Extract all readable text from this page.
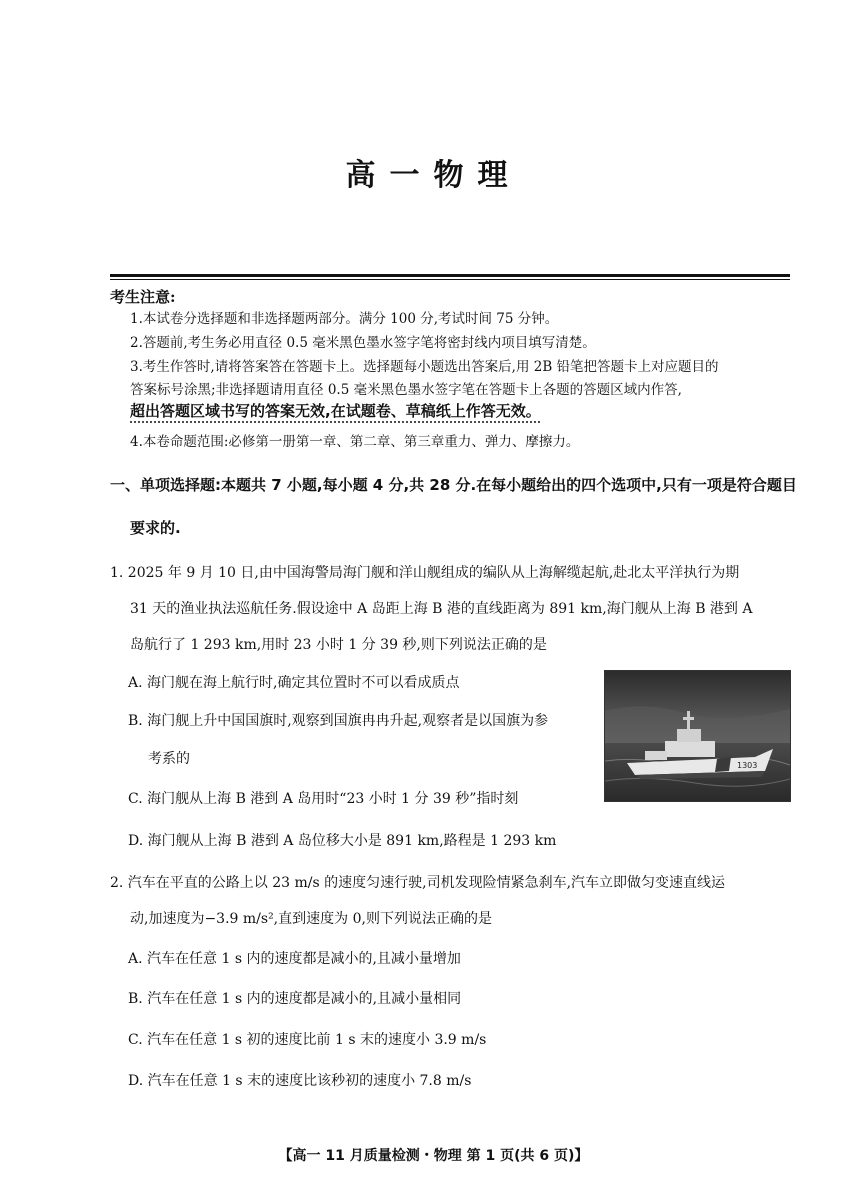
高一物理
考生注意:
1.本试卷分选择题和非选择题两部分。满分 100 分,考试时间 75 分钟。
2.答题前,考生务必用直径 0.5 毫米黑色墨水签字笔将密封线内项目填写清楚。
3.考生作答时,请将答案答在答题卡上。选择题每小题选出答案后,用 2B 铅笔把答题卡上对应题目的
答案标号涂黑;非选择题请用直径 0.5 毫米黑色墨水签字笔在答题卡上各题的答题区域内作答,
超出答题区域书写的答案无效,在试题卷、草稿纸上作答无效。
4.本卷命题范围:必修第一册第一章、第二章、第三章重力、弹力、摩擦力。
一、单项选择题:本题共 7 小题,每小题 4 分,共 28 分.在每小题给出的四个选项中,只有一项是符合题目
要求的.
1. 2025 年 9 月 10 日,由中国海警局海门舰和洋山舰组成的编队从上海解缆起航,赴北太平洋执行为期
31 天的渔业执法巡航任务.假设途中 A 岛距上海 B 港的直线距离为 891 km,海门舰从上海 B 港到 A
岛航行了 1 293 km,用时 23 小时 1 分 39 秒,则下列说法正确的是
A. 海门舰在海上航行时,确定其位置时不可以看成质点
B. 海门舰上升中国国旗时,观察到国旗冉冉升起,观察者是以国旗为参
考系的
C. 海门舰从上海 B 港到 A 岛用时“23 小时 1 分 39 秒”指时刻
D. 海门舰从上海 B 港到 A 岛位移大小是 891 km,路程是 1 293 km
1303
2. 汽车在平直的公路上以 23 m/s 的速度匀速行驶,司机发现险情紧急刹车,汽车立即做匀变速直线运
动,加速度为−3.9 m/s²,直到速度为 0,则下列说法正确的是
A. 汽车在任意 1 s 内的速度都是减小的,且减小量增加
B. 汽车在任意 1 s 内的速度都是减小的,且减小量相同
C. 汽车在任意 1 s 初的速度比前 1 s 末的速度小 3.9 m/s
D. 汽车在任意 1 s 末的速度比该秒初的速度小 7.8 m/s
【高一 11 月质量检测・物理 第 1 页(共 6 页)】
